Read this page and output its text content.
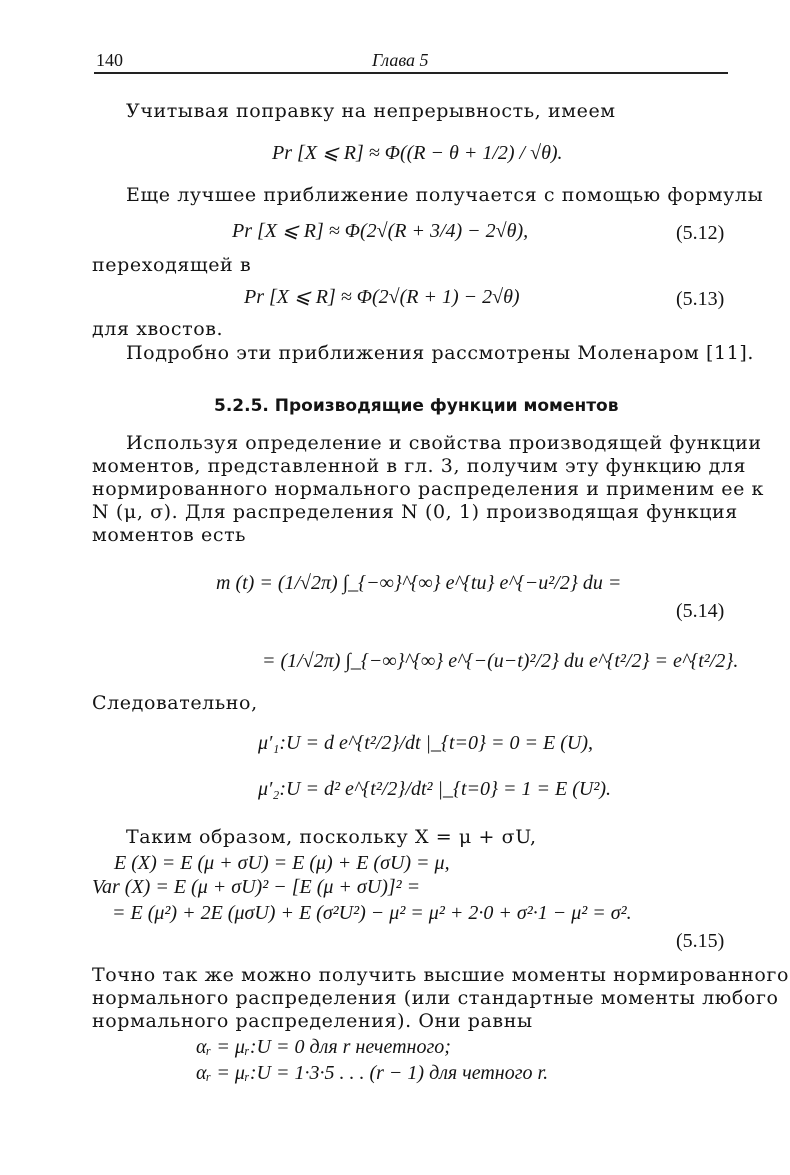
140	Глава 5
Учитывая поправку на непрерывность, имеем
Pr [X ⩽ R] ≈ Φ((R − θ + 1/2) / √θ).
Еще лучшее приближение получается с помощью формулы
Pr [X ⩽ R] ≈ Φ(2√(R + 3/4) − 2√θ),	(5.12)
переходящей в
Pr [X ⩽ R] ≈ Φ(2√(R + 1) − 2√θ)	(5.13)
для хвостов.
Подробно эти приближения рассмотрены Моленаром [11].
5.2.5. Производящие функции моментов
Используя определение и свойства производящей функции
моментов, представленной в гл. 3, получим эту функцию для
нормированного нормального распределения и применим ее к
N (μ, σ). Для распределения N (0, 1) производящая функция
моментов есть
m (t) = (1/√2π) ∫_{−∞}^{∞} e^{tu} e^{−u²/2} du =
= (1/√2π) ∫_{−∞}^{∞} e^{−(u−t)²/2} du e^{t²/2} = e^{t²/2}.
(5.14)
Следовательно,
μ′₁:U = d e^{t²/2}/dt |_{t=0} = 0 = E (U),
μ′₂:U = d² e^{t²/2}/dt² |_{t=0} = 1 = E (U²).
Таким образом, поскольку X = μ + σU,
E (X) = E (μ + σU) = E (μ) + E (σU) = μ,
Var (X) = E (μ + σU)² − [E (μ + σU)]² =
= E (μ²) + 2E (μσU) + E (σ²U²) − μ² = μ² + 2·0 + σ²·1 − μ² = σ².
(5.15)
Точно так же можно получить высшие моменты нормированного
нормального распределения (или стандартные моменты любого
нормального распределения). Они равны
αᵣ = μᵣ:U = 0 для r нечетного;
αᵣ = μᵣ:U = 1·3·5 . . . (r − 1) для четного r.
